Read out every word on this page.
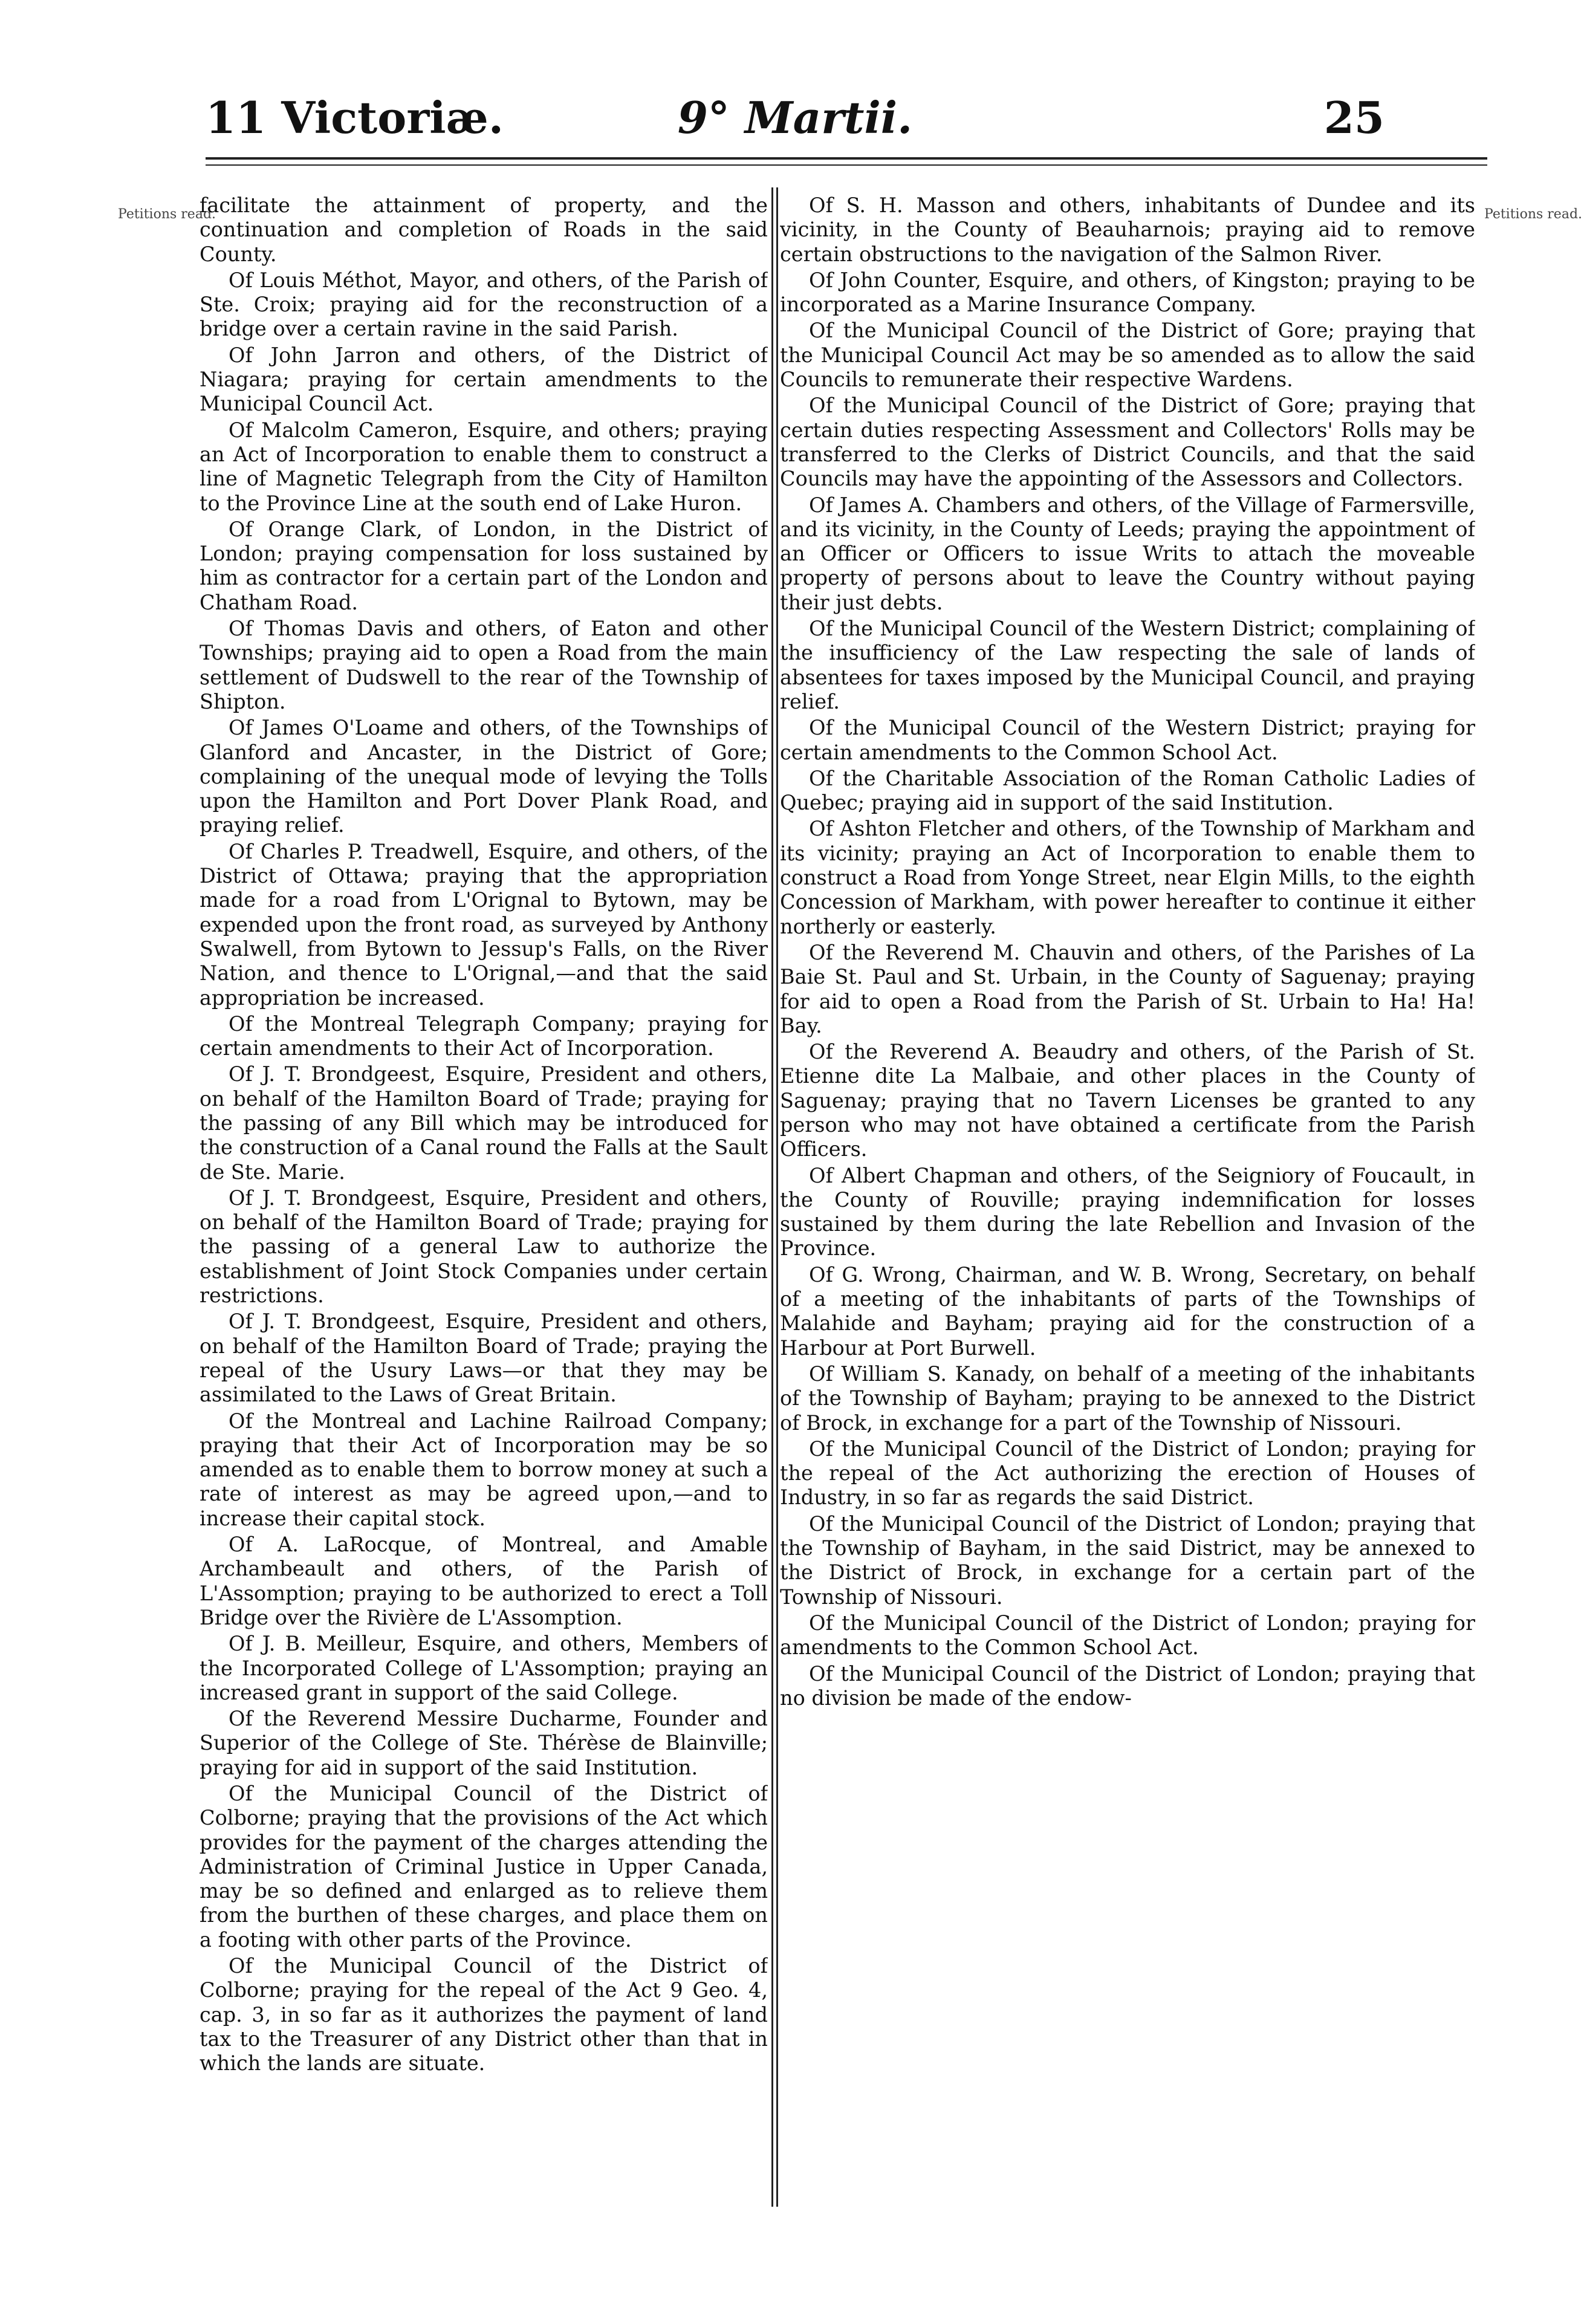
11 Victoriæ.	9° Martii.	25
Petitions read.	Petitions read.

facilitate the attainment of property, and the continuation and completion of Roads in the said County.

Of Louis Méthot, Mayor, and others, of the Parish of Ste. Croix; praying aid for the reconstruction of a bridge over a certain ravine in the said Parish.

Of John Jarron and others, of the District of Niagara; praying for certain amendments to the Municipal Council Act.

Of Malcolm Cameron, Esquire, and others; praying an Act of Incorporation to enable them to construct a line of Magnetic Telegraph from the City of Hamilton to the Province Line at the south end of Lake Huron.

Of Orange Clark, of London, in the District of London; praying compensation for loss sustained by him as contractor for a certain part of the London and Chatham Road.

Of Thomas Davis and others, of Eaton and other Townships; praying aid to open a Road from the main settlement of Dudswell to the rear of the Township of Shipton.

Of James O'Loame and others, of the Townships of Glanford and Ancaster, in the District of Gore; complaining of the unequal mode of levying the Tolls upon the Hamilton and Port Dover Plank Road, and praying relief.

Of Charles P. Treadwell, Esquire, and others, of the District of Ottawa; praying that the appropriation made for a road from L'Orignal to Bytown, may be expended upon the front road, as surveyed by Anthony Swalwell, from Bytown to Jessup's Falls, on the River Nation, and thence to L'Orignal,—and that the said appropriation be increased.

Of the Montreal Telegraph Company; praying for certain amendments to their Act of Incorporation.

Of J. T. Brondgeest, Esquire, President and others, on behalf of the Hamilton Board of Trade; praying for the passing of any Bill which may be introduced for the construction of a Canal round the Falls at the Sault de Ste. Marie.

Of J. T. Brondgeest, Esquire, President and others, on behalf of the Hamilton Board of Trade; praying for the passing of a general Law to authorize the establishment of Joint Stock Companies under certain restrictions.

Of J. T. Brondgeest, Esquire, President and others, on behalf of the Hamilton Board of Trade; praying the repeal of the Usury Laws—or that they may be assimilated to the Laws of Great Britain.

Of the Montreal and Lachine Railroad Company; praying that their Act of Incorporation may be so amended as to enable them to borrow money at such a rate of interest as may be agreed upon,—and to increase their capital stock.

Of A. LaRocque, of Montreal, and Amable Archambeault and others, of the Parish of L'Assomption; praying to be authorized to erect a Toll Bridge over the Rivière de L'Assomption.

Of J. B. Meilleur, Esquire, and others, Members of the Incorporated College of L'Assomption; praying an increased grant in support of the said College.

Of the Reverend Messire Ducharme, Founder and Superior of the College of Ste. Thérèse de Blainville; praying for aid in support of the said Institution.

Of the Municipal Council of the District of Colborne; praying that the provisions of the Act which provides for the payment of the charges attending the Administration of Criminal Justice in Upper Canada, may be so defined and enlarged as to relieve them from the burthen of these charges, and place them on a footing with other parts of the Province.

Of the Municipal Council of the District of Colborne; praying for the repeal of the Act 9 Geo. 4, cap. 3, in so far as it authorizes the payment of land tax to the Treasurer of any District other than that in which the lands are situate.

Of S. H. Masson and others, inhabitants of Dundee and its vicinity, in the County of Beauharnois; praying aid to remove certain obstructions to the navigation of the Salmon River.

Of John Counter, Esquire, and others, of Kingston; praying to be incorporated as a Marine Insurance Company.

Of the Municipal Council of the District of Gore; praying that the Municipal Council Act may be so amended as to allow the said Councils to remunerate their respective Wardens.

Of the Municipal Council of the District of Gore; praying that certain duties respecting Assessment and Collectors' Rolls may be transferred to the Clerks of District Councils, and that the said Councils may have the appointing of the Assessors and Collectors.

Of James A. Chambers and others, of the Village of Farmersville, and its vicinity, in the County of Leeds; praying the appointment of an Officer or Officers to issue Writs to attach the moveable property of persons about to leave the Country without paying their just debts.

Of the Municipal Council of the Western District; complaining of the insufficiency of the Law respecting the sale of lands of absentees for taxes imposed by the Municipal Council, and praying relief.

Of the Municipal Council of the Western District; praying for certain amendments to the Common School Act.

Of the Charitable Association of the Roman Catholic Ladies of Quebec; praying aid in support of the said Institution.

Of Ashton Fletcher and others, of the Township of Markham and its vicinity; praying an Act of Incorporation to enable them to construct a Road from Yonge Street, near Elgin Mills, to the eighth Concession of Markham, with power hereafter to continue it either northerly or easterly.

Of the Reverend M. Chauvin and others, of the Parishes of La Baie St. Paul and St. Urbain, in the County of Saguenay; praying for aid to open a Road from the Parish of St. Urbain to Ha! Ha! Bay.

Of the Reverend A. Beaudry and others, of the Parish of St. Etienne dite La Malbaie, and other places in the County of Saguenay; praying that no Tavern Licenses be granted to any person who may not have obtained a certificate from the Parish Officers.

Of Albert Chapman and others, of the Seigniory of Foucault, in the County of Rouville; praying indemnification for losses sustained by them during the late Rebellion and Invasion of the Province.

Of G. Wrong, Chairman, and W. B. Wrong, Secretary, on behalf of a meeting of the inhabitants of parts of the Townships of Malahide and Bayham; praying aid for the construction of a Harbour at Port Burwell.

Of William S. Kanady, on behalf of a meeting of the inhabitants of the Township of Bayham; praying to be annexed to the District of Brock, in exchange for a part of the Township of Nissouri.

Of the Municipal Council of the District of London; praying for the repeal of the Act authorizing the erection of Houses of Industry, in so far as regards the said District.

Of the Municipal Council of the District of London; praying that the Township of Bayham, in the said District, may be annexed to the District of Brock, in exchange for a certain part of the Township of Nissouri.

Of the Municipal Council of the District of London; praying for amendments to the Common School Act.

Of the Municipal Council of the District of London; praying that no division be made of the endow-
